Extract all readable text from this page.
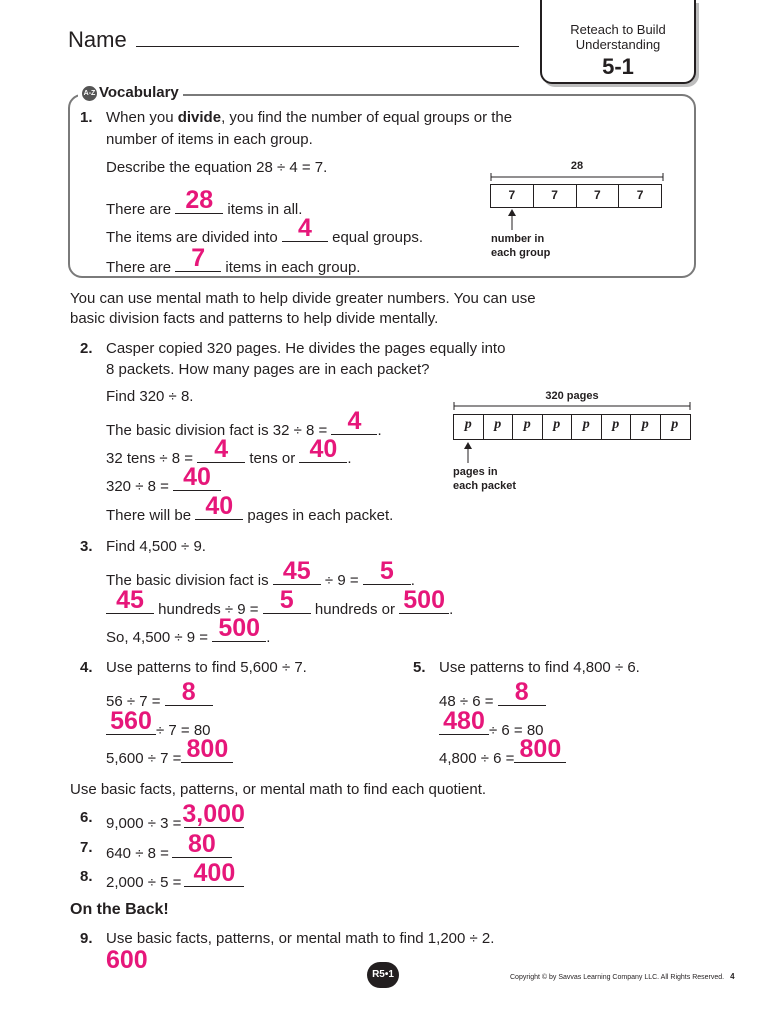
Name	Reteach to Build
Understanding
5-1
A-Z Vocabulary
1. When you divide, you find the number of equal groups or the
number of items in each group.
Describe the equation 28 ÷ 4 = 7.
There are 28 items in all.
The items are divided into 4	equal groups.
There are 7	items in each group.
28
7	7	7	7
number in
each group
You can use mental math to help divide greater numbers. You can use
basic division facts and patterns to help divide mentally.
2. Casper copied 320 pages. He divides the pages equally into
8 packets. How many pages are in each packet?
Find 320 ÷ 8.
The basic division fact is 32 ÷ 8 = 4	.
32 tens ÷ 8 = 4	tens or 40 .
320 ÷ 8 = 40
There will be 40 pages in each packet.
320 pages
p	p	p	p	p	p	p	p
pages in
each packet
3. Find 4,500 ÷ 9.
The basic division fact is 45 ÷ 9 = 5	.
45 hundreds ÷ 9 = 5	hundreds or 500 .
So, 4,500 ÷ 9 = 500 .
4. Use patterns to find 5,600 ÷ 7.
56 ÷ 7 = 8
560 ÷ 7 = 80
5,600 ÷ 7 = 800
5. Use patterns to find 4,800 ÷ 6.
48 ÷ 6 = 8
480 ÷ 6 = 80
4,800 ÷ 6 = 800
Use basic facts, patterns, or mental math to find each quotient.
6. 9,000 ÷ 3 = 3,000
7. 640 ÷ 8 = 80
8. 2,000 ÷ 5 = 400
On the Back!
9. Use basic facts, patterns, or mental math to find 1,200 ÷ 2.
600
R5•1	Copyright © by Savvas Learning Company LLC. All Rights Reserved. 4
